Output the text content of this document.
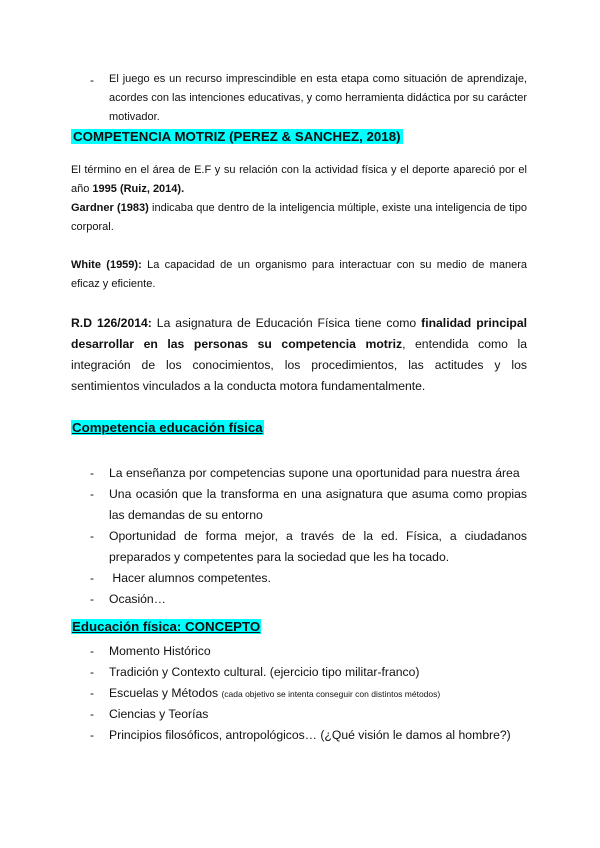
- El juego es un recurso imprescindible en esta etapa como situación de aprendizaje, acordes con las intenciones educativas, y como herramienta didáctica por su carácter motivador.
COMPETENCIA MOTRIZ (PEREZ & SANCHEZ, 2018)
El término en el área de E.F y su relación con la actividad física y el deporte apareció por el año 1995 (Ruiz, 2014).
Gardner (1983) indicaba que dentro de la inteligencia múltiple, existe una inteligencia de tipo corporal.
White (1959): La capacidad de un organismo para interactuar con su medio de manera eficaz y eficiente.
R.D 126/2014: La asignatura de Educación Física tiene como finalidad principal desarrollar en las personas su competencia motriz, entendida como la integración de los conocimientos, los procedimientos, las actitudes y los sentimientos vinculados a la conducta motora fundamentalmente.
Competencia educación física
- La enseñanza por competencias supone una oportunidad para nuestra área
- Una ocasión que la transforma en una asignatura que asuma como propias las demandas de su entorno
- Oportunidad de forma mejor, a través de la ed. Física, a ciudadanos preparados y competentes para la sociedad que les ha tocado.
- Hacer alumnos competentes.
- Ocasión…
Educación física: CONCEPTO
- Momento Histórico
- Tradición y Contexto cultural. (ejercicio tipo militar-franco)
- Escuelas y Métodos (cada objetivo se intenta conseguir con distintos métodos)
- Ciencias y Teorías
- Principios filosóficos, antropológicos… (¿Qué visión le damos al hombre?)
